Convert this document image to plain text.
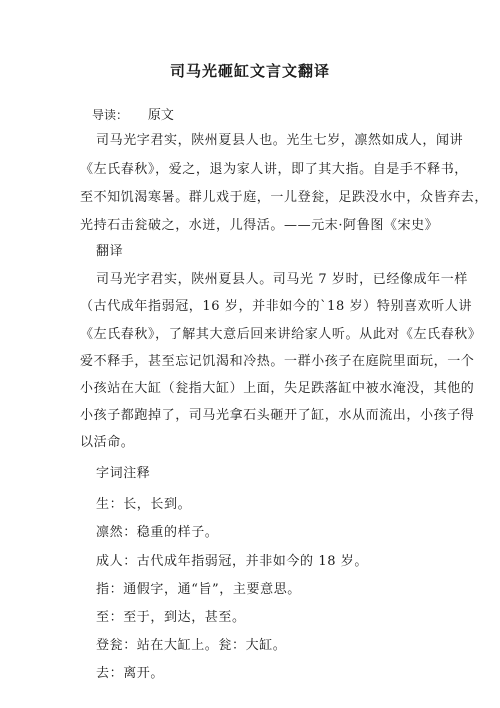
司马光砸缸文言文翻译
导读： 原文
司马光字君实，陕州夏县人也。光生七岁，凛然如成人，闻讲
《左氏春秋》，爱之，退为家人讲，即了其大指。自是手不释书，
至不知饥渴寒暑。群儿戏于庭，一儿登瓮，足跌没水中，众皆弃去，
光持石击瓮破之，水迸，儿得活。——元末·阿鲁图《宋史》
翻译
司马光字君实，陕州夏县人。司马光 7 岁时，已经像成年一样
（古代成年指弱冠，16 岁，并非如今的`18 岁）特别喜欢听人讲
《左氏春秋》，了解其大意后回来讲给家人听。从此对《左氏春秋》
爱不释手，甚至忘记饥渴和冷热。一群小孩子在庭院里面玩，一个
小孩站在大缸（瓮指大缸）上面，失足跌落缸中被水淹没，其他的
小孩子都跑掉了，司马光拿石头砸开了缸，水从而流出，小孩子得
以活命。
字词注释
生：长，长到。
凛然：稳重的样子。
成人：古代成年指弱冠，并非如今的 18 岁。
指：通假字，通“旨”，主要意思。
至：至于，到达，甚至。
登瓮：站在大缸上。瓮：大缸。
去：离开。
